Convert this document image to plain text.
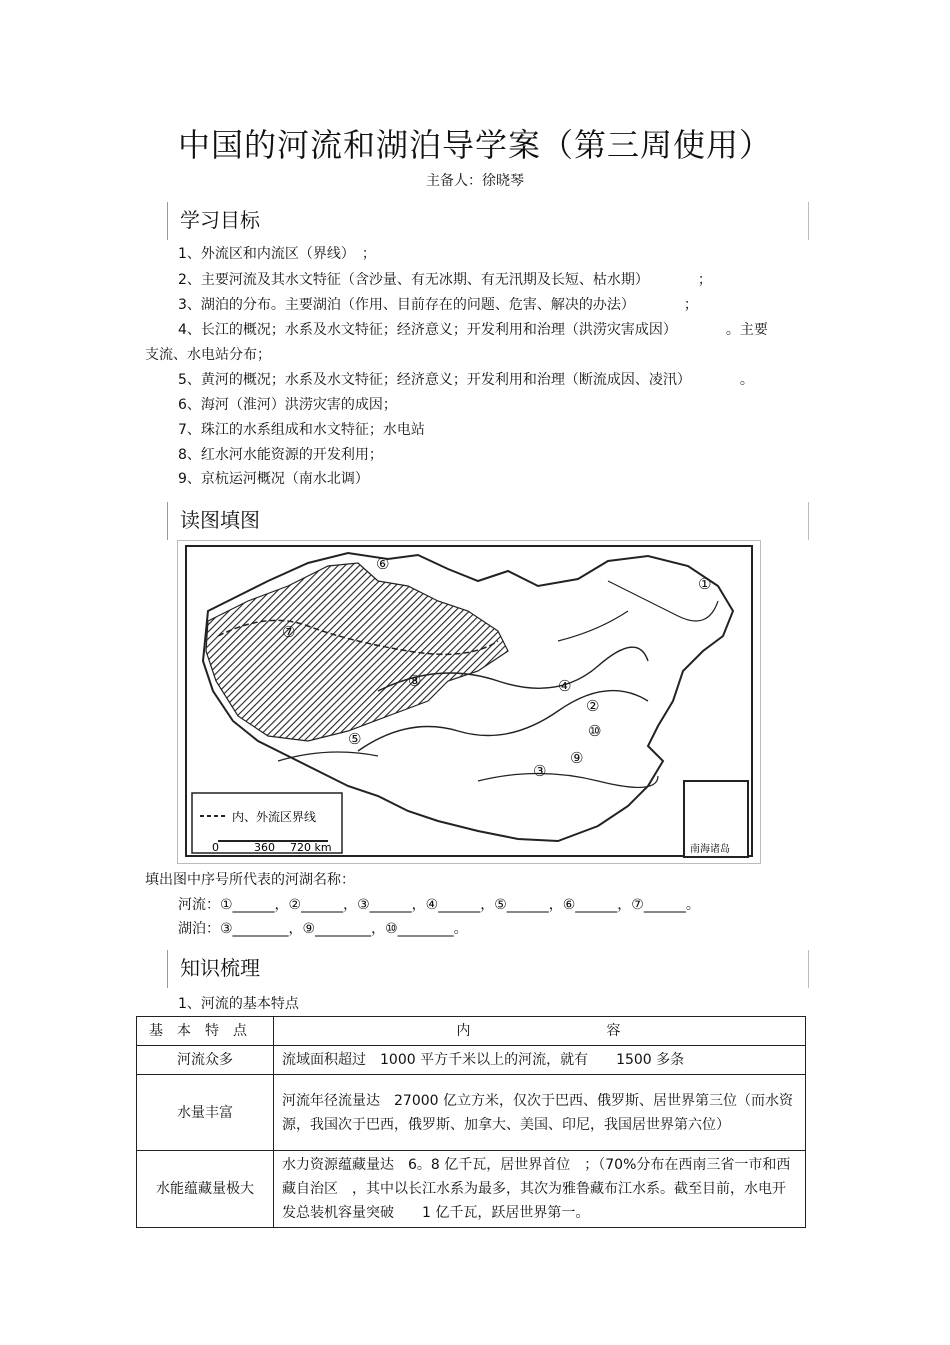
中国的河流和湖泊导学案（第三周使用）
主备人：徐晓琴
学习目标
1、外流区和内流区（界线）　；
2、主要河流及其水文特征（含沙量、有无冰期、有无汛期及长短、枯水期）　　　　；
3、湖泊的分布。主要湖泊（作用、目前存在的问题、危害、解决的办法）　　　　；
4、长江的概况；水系及水文特征；经济意义；开发利用和治理（洪涝灾害成因）　　　　。主要
支流、水电站分布；
5、黄河的概况；水系及水文特征；经济意义；开发利用和治理（断流成因、凌汛）　　　　。
6、海河（淮河）洪涝灾害的成因；
7、珠江的水系组成和水文特征；水电站
8、红水河水能资源的开发利用；
9、京杭运河概况（南水北调）
读图填图
①
②
③
④
⑤
⑥
⑦
⑧
⑨
⑩
内、外流区界线
0	360 720 km	南海诸岛
填出图中序号所代表的河湖名称：
河流：①______，②______，③______，④______，⑤______，⑥______，⑦______。
湖泊：③________，⑨________，⑩________。
知识梳理
1、河流的基本特点
基本特点	内 容
河流众多	流域面积超过　1000 平方千米以上的河流，就有　　1500 多条
水量丰富	河流年径流量达　27000 亿立方米，仅次于巴西、俄罗斯、居世界第三位（而水资源，我国次于巴西，俄罗斯、加拿大、美国、印尼，我国居世界第六位）
水能蕴藏量极大	水力资源蕴藏量达　6。8 亿千瓦，居世界首位　；（70%分布在西南三省一市和西藏自治区　，其中以长江水系为最多，其次为雅鲁藏布江水系。截至目前，水电开发总装机容量突破　　1 亿千瓦，跃居世界第一。
